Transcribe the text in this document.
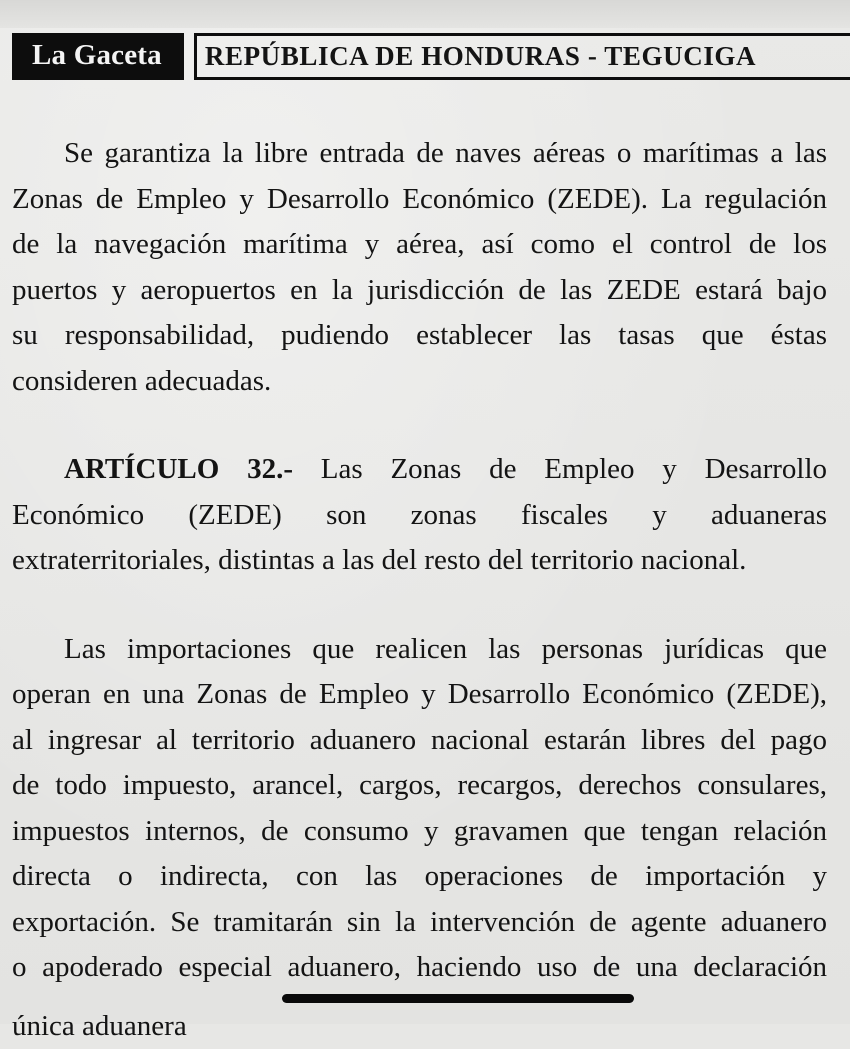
La Gaceta	REPÚBLICA DE HONDURAS - TEGUCIGA
Se garantiza la libre entrada de naves aéreas o marítimas a las
Zonas de Empleo y Desarrollo Económico (ZEDE). La regulación
de la navegación marítima y aérea, así como el control de los
puertos y aeropuertos en la jurisdicción de las ZEDE estará bajo
su responsabilidad, pudiendo establecer las tasas que éstas
consideren adecuadas.
ARTÍCULO 32.- Las Zonas de Empleo y Desarrollo
Económico (ZEDE) son zonas fiscales y aduaneras
extraterritoriales, distintas a las del resto del territorio nacional.
Las importaciones que realicen las personas jurídicas que
operan en una Zonas de Empleo y Desarrollo Económico (ZEDE),
al ingresar al territorio aduanero nacional estarán libres del pago
de todo impuesto, arancel, cargos, recargos, derechos consulares,
impuestos internos, de consumo y gravamen que tengan relación
directa o indirecta, con las operaciones de importación y
exportación. Se tramitarán sin la intervención de agente aduanero
o apoderado especial aduanero, haciendo uso de una declaración
única aduanera
